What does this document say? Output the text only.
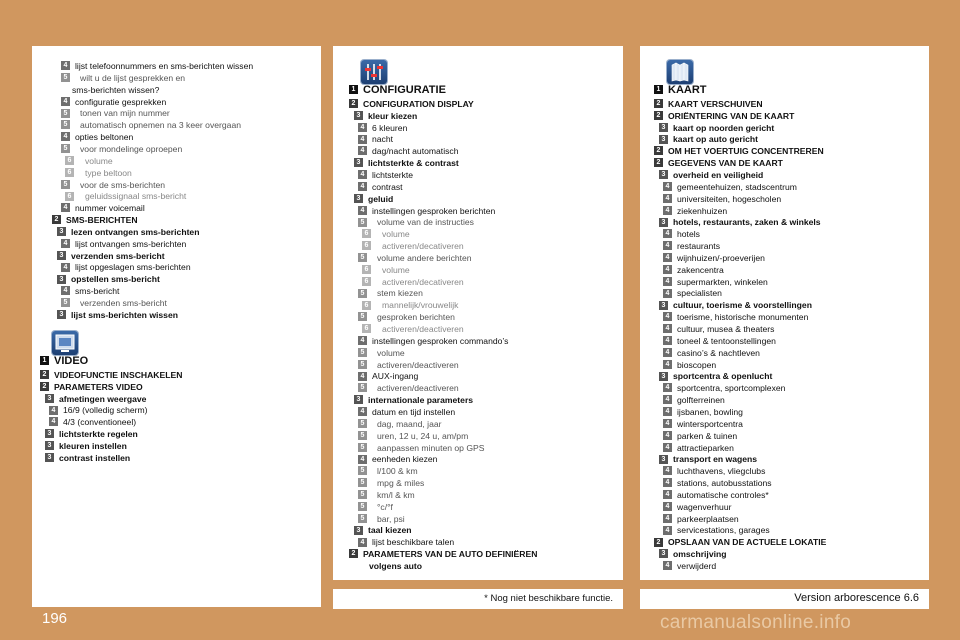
4 lijst telefoonnummers en sms-berichten wissen
5 wilt u de lijst gesprekken en
sms-berichten wissen?
4 configuratie gesprekken
5 tonen van mijn nummer
5 automatisch opnemen na 3 keer overgaan
4 opties beltonen
5 voor mondelinge oproepen
6 volume
6 type beltoon
5 voor de sms-berichten
6 geluidssignaal sms-bericht
4 nummer voicemail
2 SMS-BERICHTEN
3 lezen ontvangen sms-berichten
4 lijst ontvangen sms-berichten
3 verzenden sms-bericht
4 lijst opgeslagen sms-berichten
3 opstellen sms-bericht
4 sms-bericht
5 verzenden sms-bericht
3 lijst sms-berichten wissen
1 VIDEO
2 VIDEOFUNCTIE INSCHAKELEN
2 PARAMETERS VIDEO
3 afmetingen weergave
4 16/9 (volledig scherm)
4 4/3 (conventioneel)
3 lichtsterkte regelen
3 kleuren instellen
3 contrast instellen
1 CONFIGURATIE
2 CONFIGURATION DISPLAY
3 kleur kiezen
4 6 kleuren
4 nacht
4 dag/nacht automatisch
3 lichtsterkte & contrast
4 lichtsterkte
4 contrast
3 geluid
4 instellingen gesproken berichten
5 volume van de instructies
6 volume
6 activeren/decativeren
5 volume andere berichten
6 volume
6 activeren/decativeren
5 stem kiezen
6 mannelijk/vrouwelijk
5 gesproken berichten
6 activeren/deactiveren
4 instellingen gesproken commando’s
5 volume
5 activeren/deactiveren
4 AUX-ingang
5 activeren/deactiveren
3 internationale parameters
4 datum en tijd instellen
5 dag, maand, jaar
5 uren, 12 u, 24 u, am/pm
5 aanpassen minuten op GPS
4 eenheden kiezen
5 l/100 & km
5 mpg & miles
5 km/l & km
5 °c/°f
5 bar, psi
3 taal kiezen
4 lijst beschikbare talen
2 PARAMETERS VAN DE AUTO DEFINIËREN
volgens auto
1 KAART
2 KAART VERSCHUIVEN
2 ORIËNTERING VAN DE KAART
3 kaart op noorden gericht
3 kaart op auto gericht
2 OM HET VOERTUIG CONCENTREREN
2 GEGEVENS VAN DE KAART
3 overheid en veiligheid
4 gemeentehuizen, stadscentrum
4 universiteiten, hogescholen
4 ziekenhuizen
3 hotels, restaurants, zaken & winkels
4 hotels
4 restaurants
4 wijnhuizen/-proeverijen
4 zakencentra
4 supermarkten, winkelen
4 specialisten
3 cultuur, toerisme & voorstellingen
4 toerisme, historische monumenten
4 cultuur, musea & theaters
4 toneel & tentoonstellingen
4 casino’s & nachtleven
4 bioscopen
3 sportcentra & openlucht
4 sportcentra, sportcomplexen
4 golfterreinen
4 ijsbanen, bowling
4 wintersportcentra
4 parken & tuinen
4 attractieparken
3 transport en wagens
4 luchthavens, vliegclubs
4 stations, autobusstations
4 automatische controles*
4 wagenverhuur
4 parkeerplaatsen
4 servicestations, garages
2 OPSLAAN VAN DE ACTUELE LOKATIE
3 omschrijving
4 verwijderd
* Nog niet beschikbare functie.	Version arborescence 6.6
196	carmanualsonline.info
